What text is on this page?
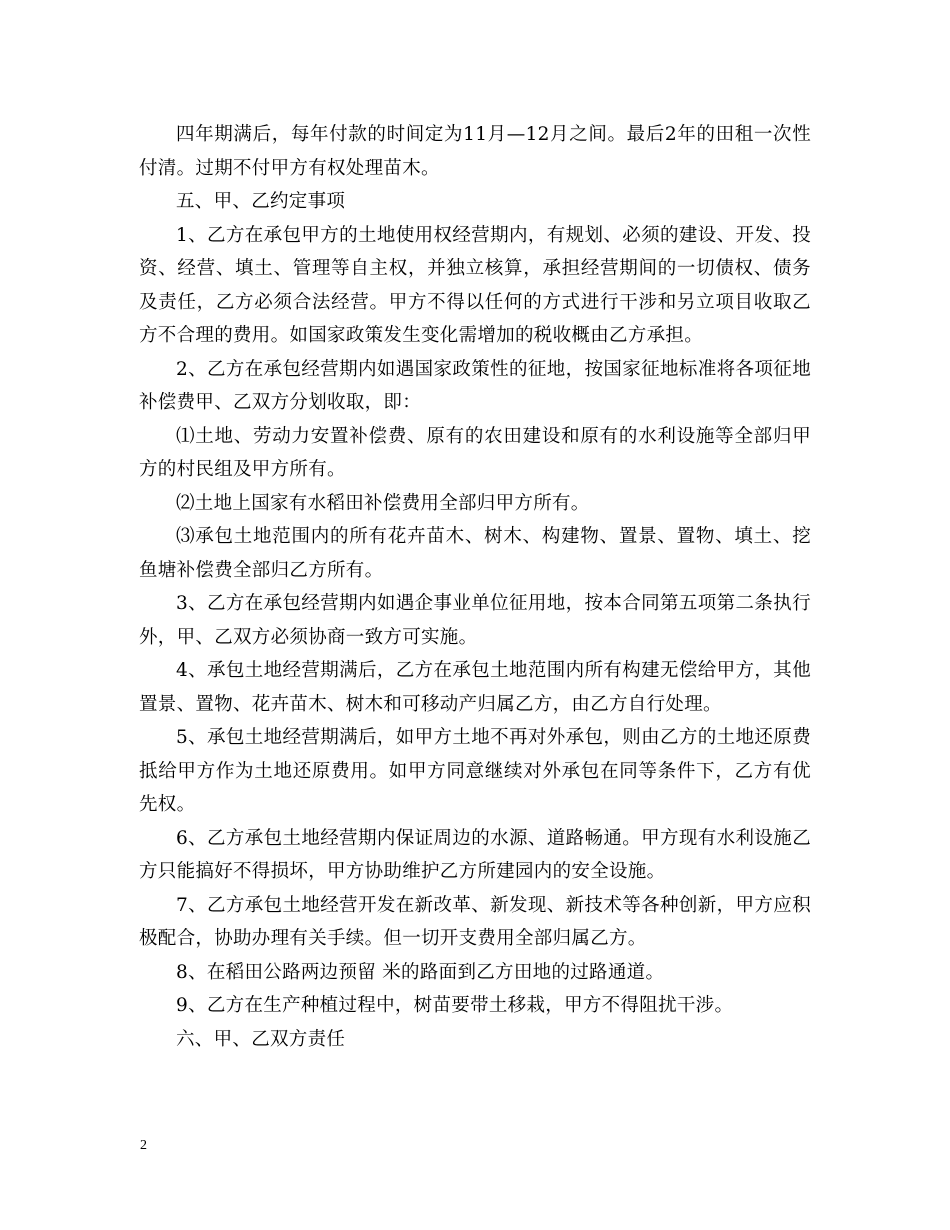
四年期满后，每年付款的时间定为11月—12月之间。最后2年的田租一次性付清。过期不付甲方有权处理苗木。

五、甲、乙约定事项

1、乙方在承包甲方的土地使用权经营期内，有规划、必须的建设、开发、投资、经营、填土、管理等自主权，并独立核算，承担经营期间的一切债权、债务及责任，乙方必须合法经营。甲方不得以任何的方式进行干涉和另立项目收取乙方不合理的费用。如国家政策发生变化需增加的税收概由乙方承担。

2、乙方在承包经营期内如遇国家政策性的征地，按国家征地标准将各项征地补偿费甲、乙双方分划收取，即：

⑴土地、劳动力安置补偿费、原有的农田建设和原有的水利设施等全部归甲方的村民组及甲方所有。

⑵土地上国家有水稻田补偿费用全部归甲方所有。

⑶承包土地范围内的所有花卉苗木、树木、构建物、置景、置物、填土、挖鱼塘补偿费全部归乙方所有。

3、乙方在承包经营期内如遇企事业单位征用地，按本合同第五项第二条执行外，甲、乙双方必须协商一致方可实施。

4、承包土地经营期满后，乙方在承包土地范围内所有构建无偿给甲方，其他置景、置物、花卉苗木、树木和可移动产归属乙方，由乙方自行处理。

5、承包土地经营期满后，如甲方土地不再对外承包，则由乙方的土地还原费抵给甲方作为土地还原费用。如甲方同意继续对外承包在同等条件下，乙方有优先权。

6、乙方承包土地经营期内保证周边的水源、道路畅通。甲方现有水利设施乙方只能搞好不得损坏，甲方协助维护乙方所建园内的安全设施。

7、乙方承包土地经营开发在新改革、新发现、新技术等各种创新，甲方应积极配合，协助办理有关手续。但一切开支费用全部归属乙方。

8、在稻田公路两边预留 米的路面到乙方田地的过路通道。

9、乙方在生产种植过程中，树苗要带土移栽，甲方不得阻扰干涉。

六、甲、乙双方责任

2
